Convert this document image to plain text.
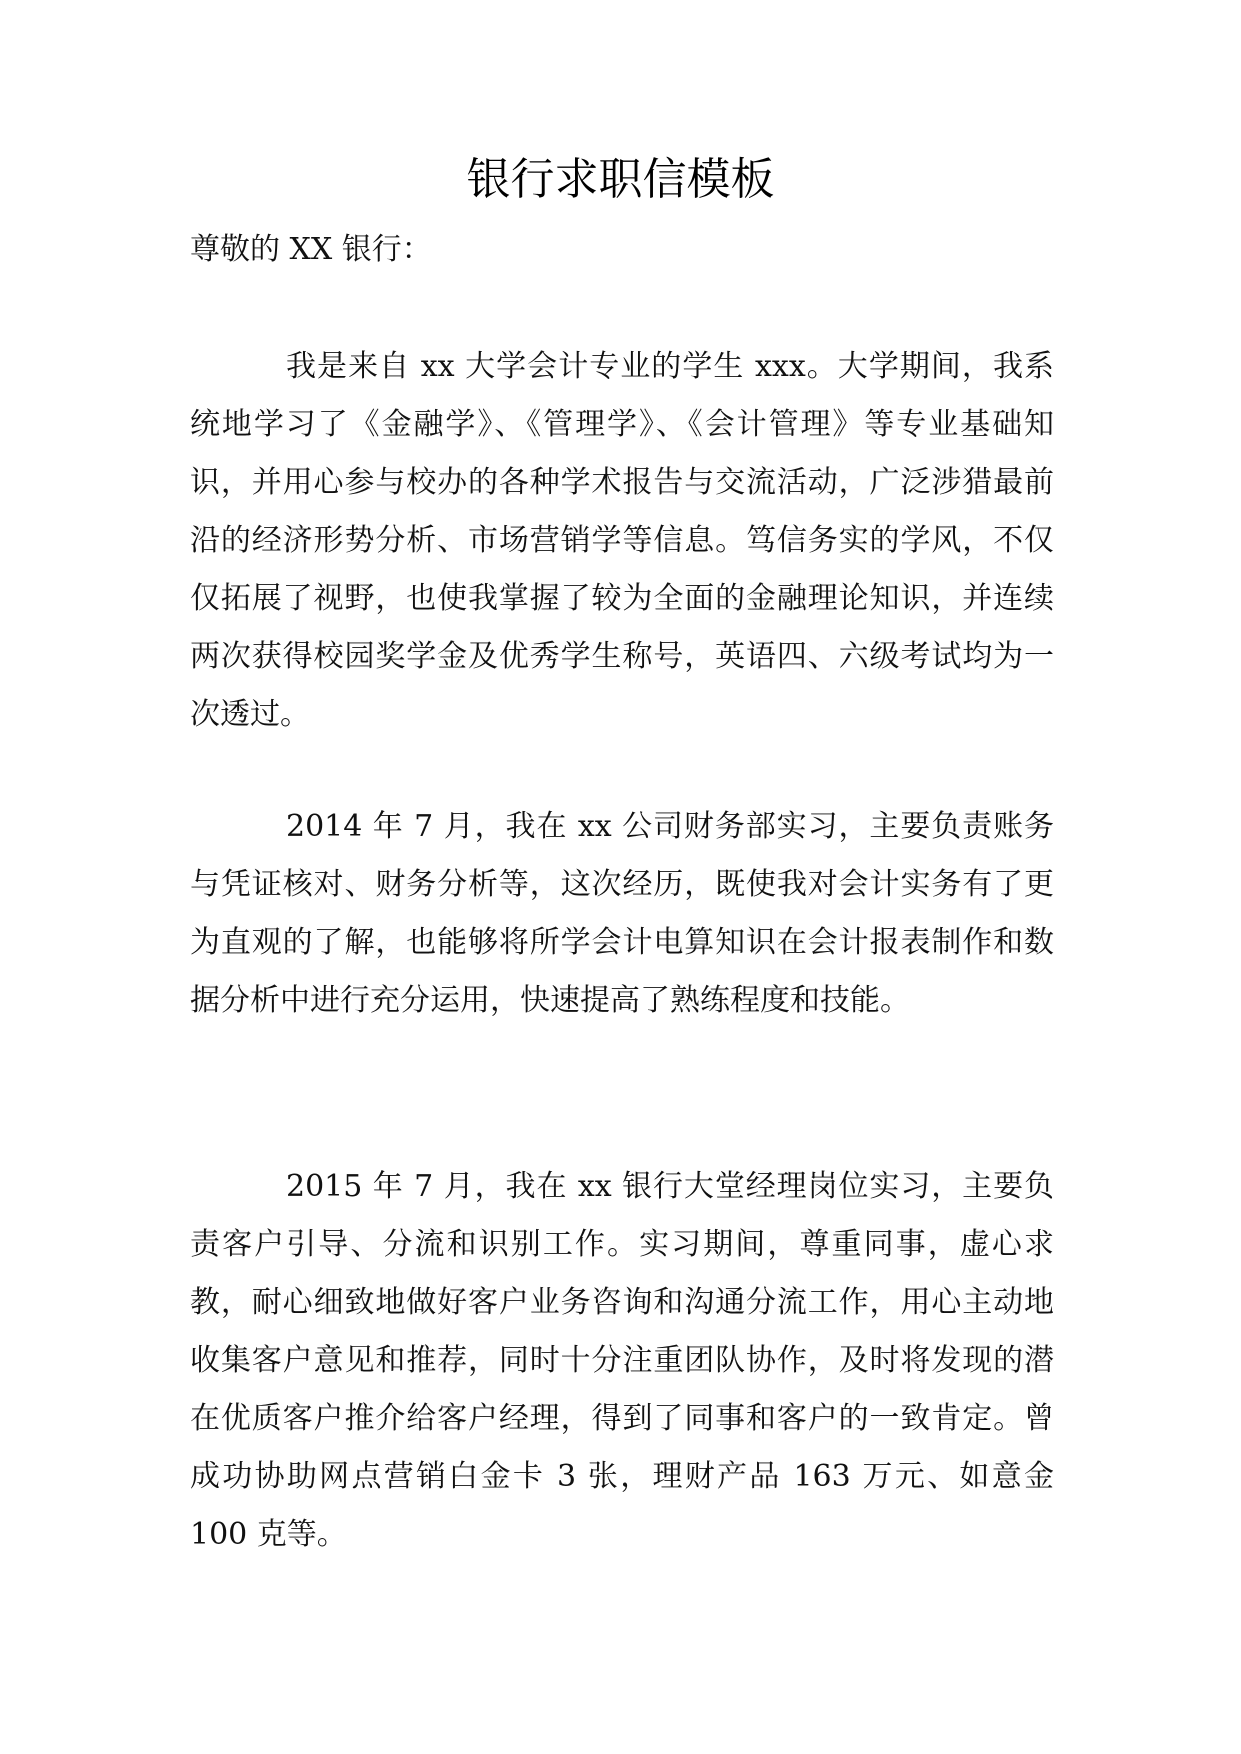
银行求职信模板
尊敬的 XX 银行：

我是来自 xx 大学会计专业的学生 xxx。大学期间，我系统地学习了《金融学》、《管理学》、《会计管理》等专业基础知识，并用心参与校办的各种学术报告与交流活动，广泛涉猎最前沿的经济形势分析、市场营销学等信息。笃信务实的学风，不仅仅拓展了视野，也使我掌握了较为全面的金融理论知识，并连续两次获得校园奖学金及优秀学生称号，英语四、六级考试均为一次透过。

2014 年 7 月，我在 xx 公司财务部实习，主要负责账务与凭证核对、财务分析等，这次经历，既使我对会计实务有了更为直观的了解，也能够将所学会计电算知识在会计报表制作和数据分析中进行充分运用，快速提高了熟练程度和技能。

2015 年 7 月，我在 xx 银行大堂经理岗位实习，主要负责客户引导、分流和识别工作。实习期间，尊重同事，虚心求教，耐心细致地做好客户业务咨询和沟通分流工作，用心主动地收集客户意见和推荐，同时十分注重团队协作，及时将发现的潜在优质客户推介给客户经理，得到了同事和客户的一致肯定。曾成功协助网点营销白金卡 3 张，理财产品 163 万元、如意金 100 克等。
